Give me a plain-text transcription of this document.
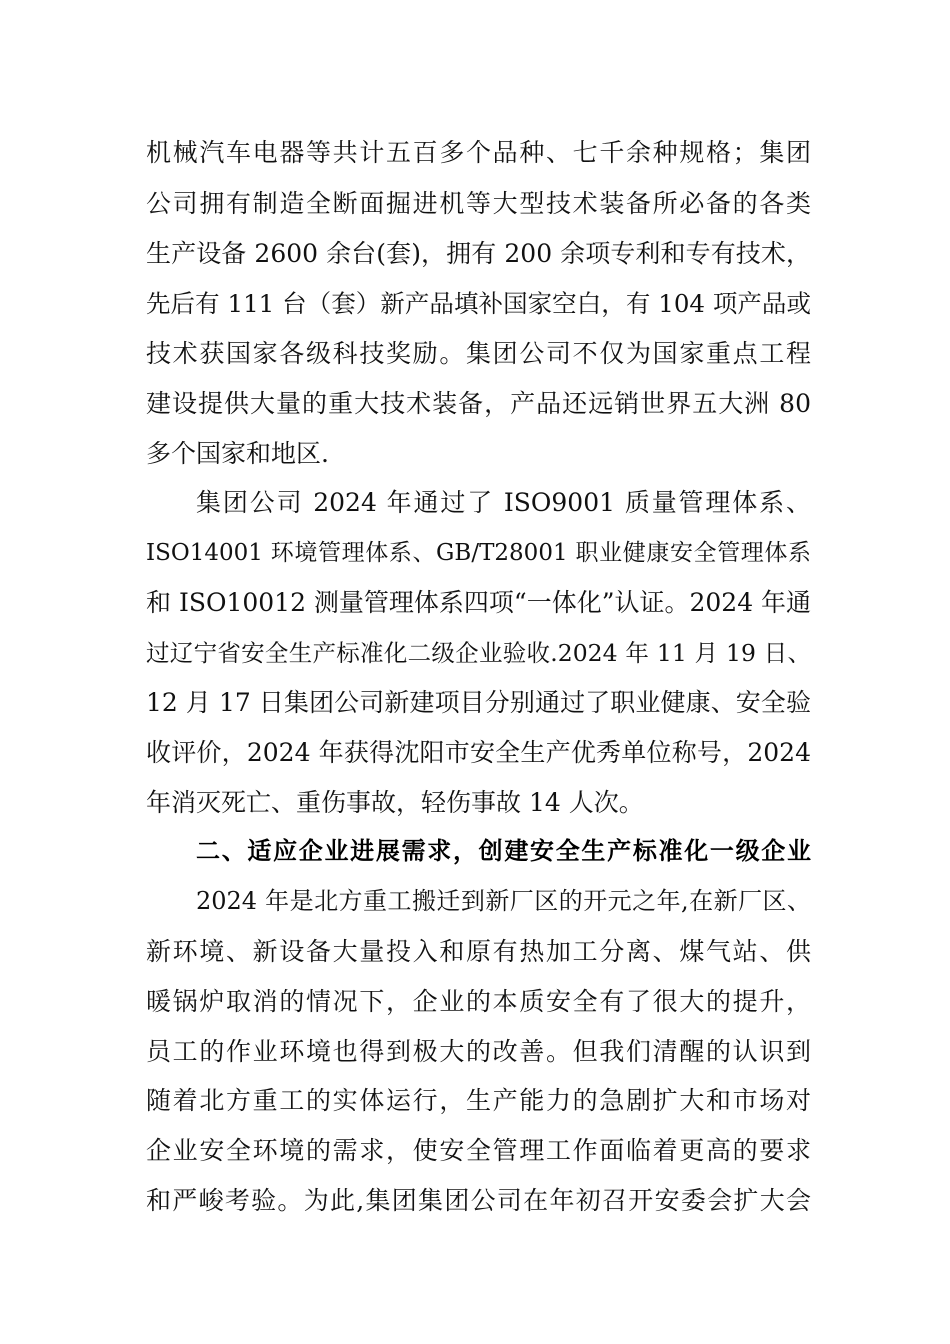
机械汽车电器等共计五百多个品种、七千余种规格；集团
公司拥有制造全断面掘进机等大型技术装备所必备的各类
生产设备 2600 余台(套)，拥有 200 余项专利和专有技术，
先后有 111 台（套）新产品填补国家空白，有 104 项产品或
技术获国家各级科技奖励。集团公司不仅为国家重点工程
建设提供大量的重大技术装备，产品还远销世界五大洲 80
多个国家和地区.
集团公司 2024 年通过了 ISO9001 质量管理体系、
ISO14001 环境管理体系、GB/T28001 职业健康安全管理体系
和 ISO10012 测量管理体系四项“一体化”认证。2024 年通
过辽宁省安全生产标准化二级企业验收.2024 年 11 月 19 日、
12 月 17 日集团公司新建项目分别通过了职业健康、安全验
收评价，2024 年获得沈阳市安全生产优秀单位称号，2024
年消灭死亡、重伤事故，轻伤事故 14 人次。
二、适应企业进展需求，创建安全生产标准化一级企业
2024 年是北方重工搬迁到新厂区的开元之年,在新厂区、
新环境、新设备大量投入和原有热加工分离、煤气站、供
暖锅炉取消的情况下，企业的本质安全有了很大的提升，
员工的作业环境也得到极大的改善。但我们清醒的认识到
随着北方重工的实体运行，生产能力的急剧扩大和市场对
企业安全环境的需求，使安全管理工作面临着更高的要求
和严峻考验。为此,集团集团公司在年初召开安委会扩大会
